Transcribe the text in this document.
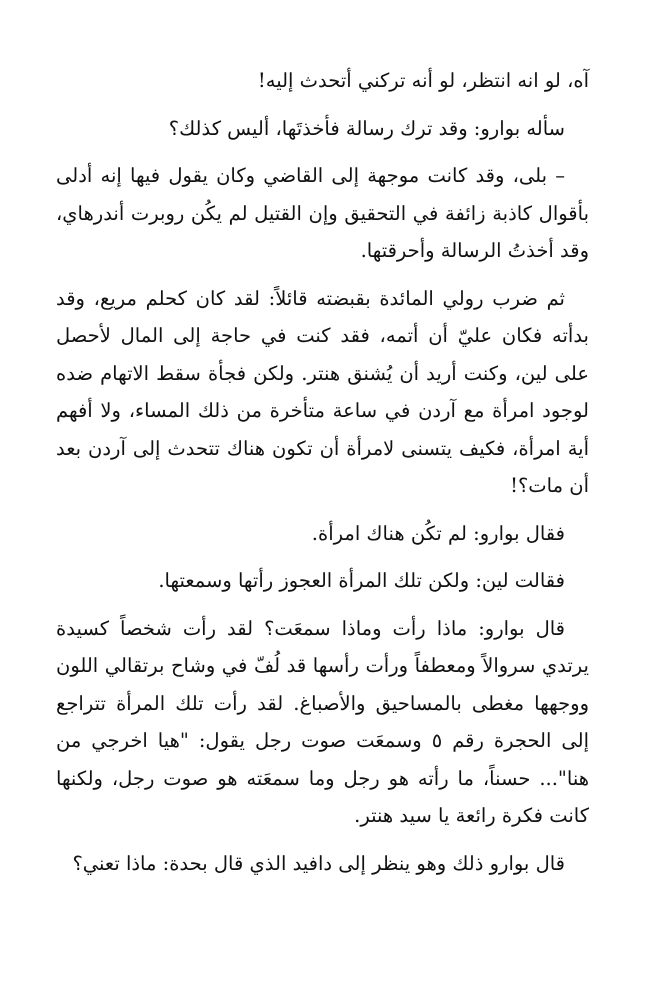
آه، لو انه انتظر، لو أنه تركني أتحدث إليه!

سأله بوارو: وقد ترك رسالة فأخذتَها، أليس كذلك؟

– بلى، وقد كانت موجهة إلى القاضي وكان يقول فيها إنه أدلى بأقوال كاذبة زائفة في التحقيق وإن القتيل لم يكُن روبرت أندرهاي، وقد أخذتُ الرسالة وأحرقتها.

ثم ضرب رولي المائدة بقبضته قائلاً: لقد كان كحلم مريع، وقد بدأته فكان عليّ أن أتمه، فقد كنت في حاجة إلى المال لأحصل على لين، وكنت أريد أن يُشنق هنتر. ولكن فجأة سقط الاتهام ضده لوجود امرأة مع آردن في ساعة متأخرة من ذلك المساء، ولا أفهم أية امرأة، فكيف يتسنى لامرأة أن تكون هناك تتحدث إلى آردن بعد أن مات؟!

فقال بوارو: لم تكُن هناك امرأة.

فقالت لين: ولكن تلك المرأة العجوز رأتها وسمعتها.

قال بوارو: ماذا رأت وماذا سمعَت؟ لقد رأت شخصاً كسيدة يرتدي سروالاً ومعطفاً ورأت رأسها قد لُفّ في وشاح برتقالي اللون ووجهها مغطى بالمساحيق والأصباغ. لقد رأت تلك المرأة تتراجع إلى الحجرة رقم ٥ وسمعَت صوت رجل يقول: "هيا اخرجي من هنا"... حسناً، ما رأته هو رجل وما سمعَته هو صوت رجل، ولكنها كانت فكرة رائعة يا سيد هنتر.

قال بوارو ذلك وهو ينظر إلى دافيد الذي قال بحدة: ماذا تعني؟
